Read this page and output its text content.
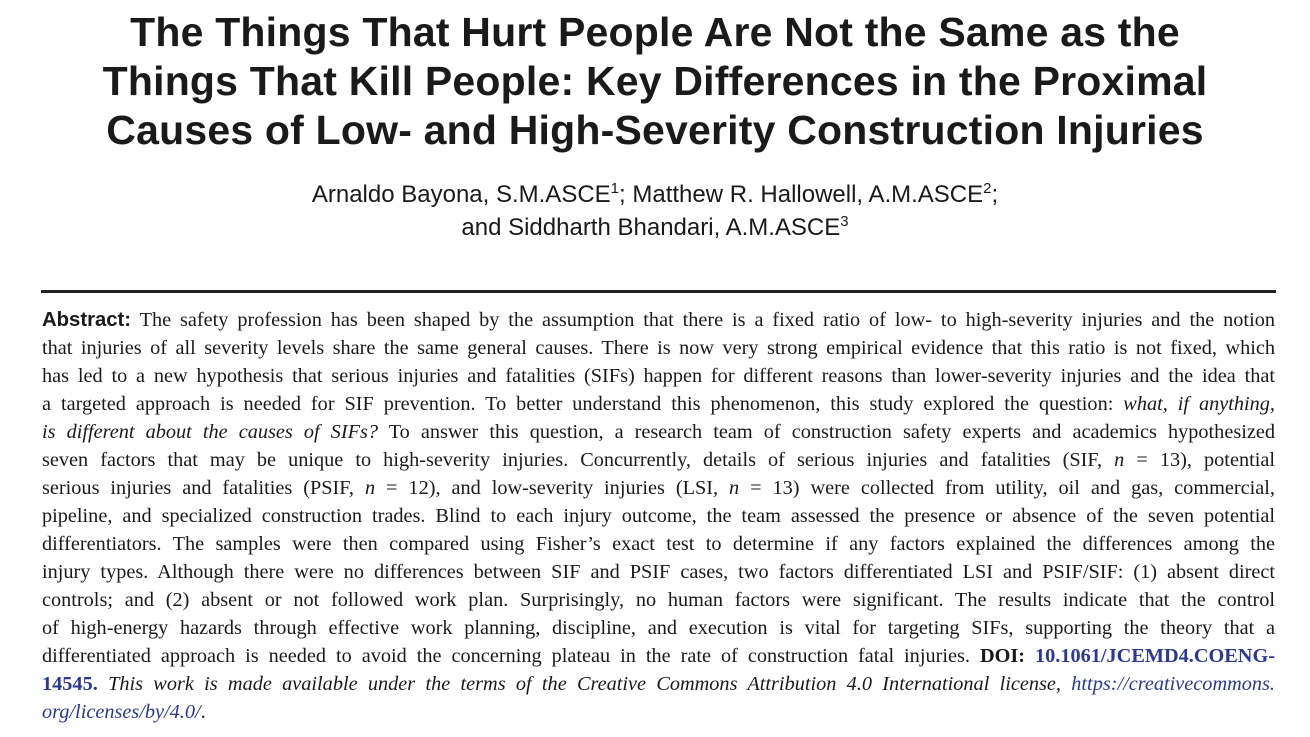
The Things That Hurt People Are Not the Same as the
Things That Kill People: Key Differences in the Proximal
Causes of Low- and High-Severity Construction Injuries
Arnaldo Bayona, S.M.ASCE$^1$; Matthew R. Hallowell, A.M.ASCE$^2$;
and Siddharth Bhandari, A.M.ASCE$^3$
Abstract: The safety profession has been shaped by the assumption that there is a fixed ratio of low- to high-severity injuries and the notion
that injuries of all severity levels share the same general causes. There is now very strong empirical evidence that this ratio is not fixed, which
has led to a new hypothesis that serious injuries and fatalities (SIFs) happen for different reasons than lower-severity injuries and the idea that
a targeted approach is needed for SIF prevention. To better understand this phenomenon, this study explored the question: what, if anything,
is different about the causes of SIFs? To answer this question, a research team of construction safety experts and academics hypothesized
seven factors that may be unique to high-severity injuries. Concurrently, details of serious injuries and fatalities (SIF, n = 13), potential
serious injuries and fatalities (PSIF, n = 12), and low-severity injuries (LSI, n = 13) were collected from utility, oil and gas, commercial,
pipeline, and specialized construction trades. Blind to each injury outcome, the team assessed the presence or absence of the seven potential
differentiators. The samples were then compared using Fisher’s exact test to determine if any factors explained the differences among the
injury types. Although there were no differences between SIF and PSIF cases, two factors differentiated LSI and PSIF/SIF: (1) absent direct
controls; and (2) absent or not followed work plan. Surprisingly, no human factors were significant. The results indicate that the control
of high-energy hazards through effective work planning, discipline, and execution is vital for targeting SIFs, supporting the theory that a
differentiated approach is needed to avoid the concerning plateau in the rate of construction fatal injuries. DOI: 10.1061/JCEMD4.COENG-
14545. This work is made available under the terms of the Creative Commons Attribution 4.0 International license, https://creativecommons.
org/licenses/by/4.0/.
